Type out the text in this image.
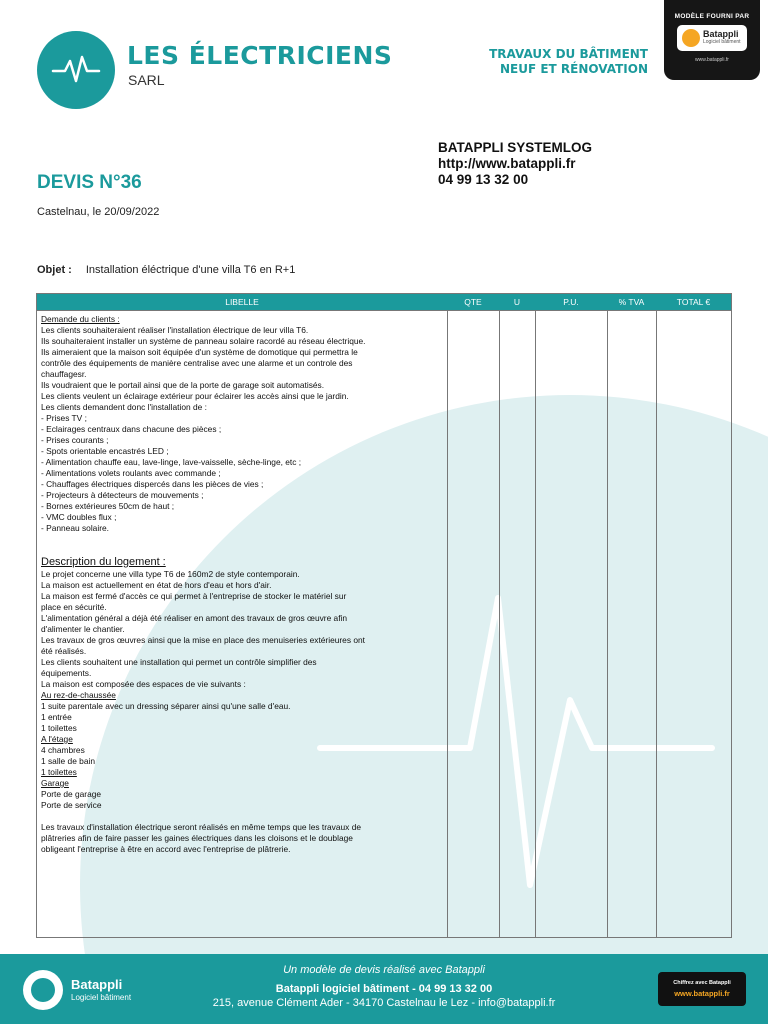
LES ÉLECTRICIENS
SARL
TRAVAUX DU BÂTIMENT
NEUF ET RÉNOVATION
MODÈLE FOURNI PAR
Batappli
Logiciel bâtiment
www.batappli.fr
BATAPPLI SYSTEMLOG
http://www.batappli.fr
04 99 13 32 00
DEVIS N°36
Castelnau, le 20/09/2022
Objet : Installation éléctrique d'une villa T6 en R+1
LIBELLE	QTE	U	P.U.	% TVA	TOTAL €
Demande du clients :
Les clients souhaiteraient réaliser l'installation électrique de leur villa T6.
Ils souhaiteraient installer un système de panneau solaire racordé au réseau électrique.
Ils aimeraient que la maison soit équipée d'un système de domotique qui permettra le
contrôle des équipements de manière centralise avec une alarme et un controle des
chauffagesr.
Ils voudraient que le portail ainsi que de la porte de garage soit automatisés.
Les clients veulent un éclairage extérieur pour éclairer les accès ainsi que le jardin.
Les clients demandent donc l'installation de :
- Prises TV ;
- Eclairages centraux dans chacune des pièces ;
- Prises courants ;
- Spots orientable encastrés LED ;
- Alimentation chauffe eau, lave-linge, lave-vaisselle, sèche-linge, etc ;
- Alimentations volets roulants avec commande ;
- Chauffages électriques dispercés dans les pièces de vies ;
- Projecteurs à détecteurs de mouvements ;
- Bornes extérieures 50cm de haut ;
- VMC doubles flux ;
- Panneau solaire.
Description du logement :
Le projet concerne une villa type T6 de 160m2 de style contemporain.
La maison est actuellement en état de hors d'eau et hors d'air.
La maison est fermé d'accès ce qui permet à l'entreprise de stocker le matériel sur
place en sécurité.
L'alimentation général a déjà été réaliser en amont des travaux de gros œuvre afin
d'alimenter le chantier.
Les travaux de gros œuvres ainsi que la mise en place des menuiseries extérieures ont
été réalisés.
Les clients souhaitent une installation qui permet un contrôle simplifier des
équipements.
La maison est composée des espaces de vie suivants :
Au rez-de-chaussée
1 suite parentale avec un dressing séparer ainsi qu'une salle d'eau.
1 entrée
1 toilettes
A l'étage
4 chambres
1 salle de bain
1 toilettes
Garage
Porte de garage
Porte de service
Les travaux d'installation électrique seront réalisés en même temps que les travaux de
plâtreries afin de faire passer les gaines électriques dans les cloisons et le doublage
obligeant l'entreprise à être en accord avec l'entreprise de plâtrerie.
Batappli
Logiciel bâtiment
Un modèle de devis réalisé avec Batappli
Batappli logiciel bâtiment - 04 99 13 32 00
215, avenue Clément Ader - 34170 Castelnau le Lez - info@batappli.fr
Chiffrez avec Batappli
www.batappli.fr
